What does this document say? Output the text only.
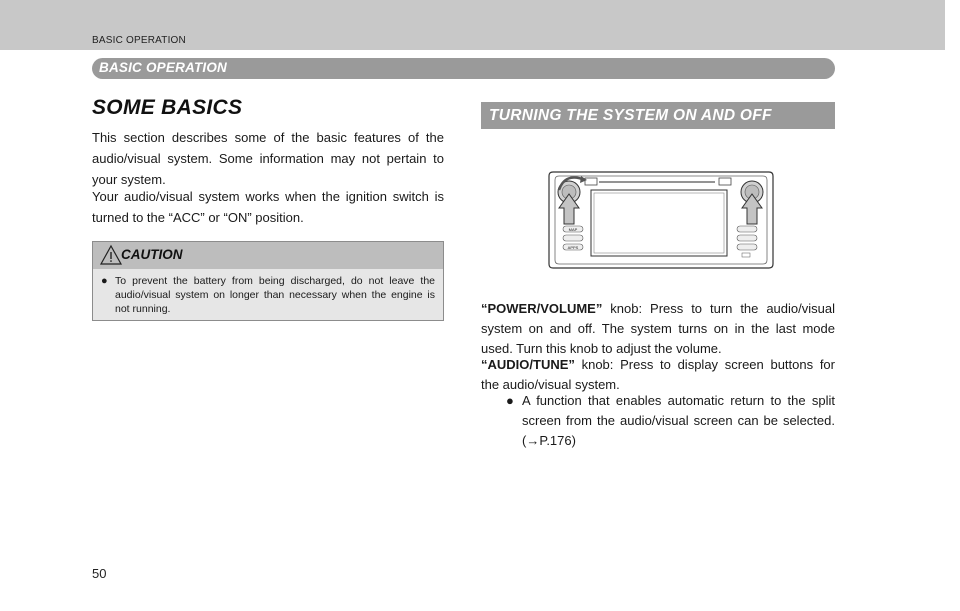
BASIC OPERATION
BASIC OPERATION
SOME BASICS

This section describes some of the basic features of the audio/visual system. Some information may not pertain to your system.

Your audio/visual system works when the ignition switch is turned to the “ACC” or “ON” position.

CAUTION
● To prevent the battery from being discharged, do not leave the audio/visual system on longer than necessary when the engine is not running.

TURNING THE SYSTEM ON AND OFF
MAP
APPS

“POWER/VOLUME” knob: Press to turn the audio/visual system on and off. The system turns on in the last mode used. Turn this knob to adjust the volume.

“AUDIO/TUNE” knob: Press to display screen buttons for the audio/visual system.

● A function that enables automatic return to the split screen from the audio/visual screen can be selected. (→P.176)

50
